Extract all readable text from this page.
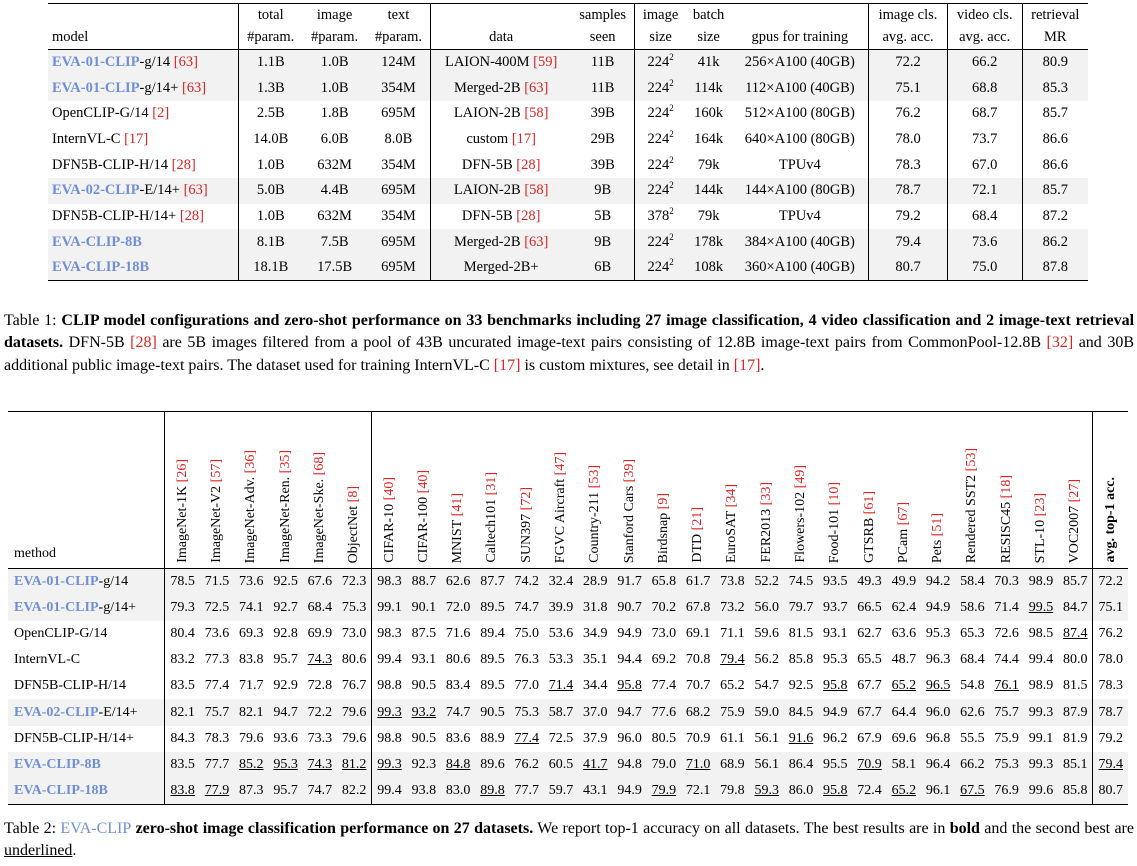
	total	image	text		samples	image	batch		image cls.	video cls.	retrieval
model	#param.	#param.	#param.	data	seen	size	size	gpus for training	avg. acc.	avg. acc.	MR
EVA-01-CLIP-g/14 [63]	1.1B	1.0B	124M	LAION-400M [59]	11B	$224^2$	41k	256×A100 (40GB)	72.2	66.2	80.9
EVA-01-CLIP-g/14+ [63]	1.3B	1.0B	354M	Merged-2B [63]	11B	$224^2$	114k	112×A100 (40GB)	75.1	68.8	85.3
OpenCLIP-G/14 [2]	2.5B	1.8B	695M	LAION-2B [58]	39B	$224^2$	160k	512×A100 (80GB)	76.2	68.7	85.7
InternVL-C [17]	14.0B	6.0B	8.0B	custom [17]	29B	$224^2$	164k	640×A100 (80GB)	78.0	73.7	86.6
DFN5B-CLIP-H/14 [28]	1.0B	632M	354M	DFN-5B [28]	39B	$224^2$	79k	TPUv4	78.3	67.0	86.6
EVA-02-CLIP-E/14+ [63]	5.0B	4.4B	695M	LAION-2B [58]	9B	$224^2$	144k	144×A100 (80GB)	78.7	72.1	85.7
DFN5B-CLIP-H/14+ [28]	1.0B	632M	354M	DFN-5B [28]	5B	$378^2$	79k	TPUv4	79.2	68.4	87.2
EVA-CLIP-8B	8.1B	7.5B	695M	Merged-2B [63]	9B	$224^2$	178k	384×A100 (40GB)	79.4	73.6	86.2
EVA-CLIP-18B	18.1B	17.5B	695M	Merged-2B+	6B	$224^2$	108k	360×A100 (40GB)	80.7	75.0	87.8
Table 1: CLIP model configurations and zero-shot performance on 33 benchmarks including 27 image classification, 4 video classification and 2 image-text retrieval datasets. DFN-5B [28] are 5B images filtered from a pool of 43B uncurated image-text pairs consisting of 12.8B image-text pairs from CommonPool-12.8B [32] and 30B additional public image-text pairs. The dataset used for training InternVL-C [17] is custom mixtures, see detail in [17].
method	ImageNet-1K [26]	ImageNet-V2 [57]	ImageNet-Adv. [36]	ImageNet-Ren. [35]	ImageNet-Ske. [68]	ObjectNet [8]	CIFAR-10 [40]	CIFAR-100 [40]	MNIST [41]	Caltech101 [31]	SUN397 [72]	FGVC Aircraft [47]	Country-211 [53]	Stanford Cars [39]	Birdsnap [9]	DTD [21]	EuroSAT [34]	FER2013 [33]	Flowers-102 [49]	Food-101 [10]	GTSRB [61]	PCam [67]	Pets [51]	Rendered SST2 [53]	RESISC45 [18]	STL-10 [23]	VOC2007 [27]	avg. top-1 acc.
EVA-01-CLIP-g/14	78.5	71.5	73.6	92.5	67.6	72.3	98.3	88.7	62.6	87.7	74.2	32.4	28.9	91.7	65.8	61.7	73.8	52.2	74.5	93.5	49.3	49.9	94.2	58.4	70.3	98.9	85.7	72.2
EVA-01-CLIP-g/14+	79.3	72.5	74.1	92.7	68.4	75.3	99.1	90.1	72.0	89.5	74.7	39.9	31.8	90.7	70.2	67.8	73.2	56.0	79.7	93.7	66.5	62.4	94.9	58.6	71.4	99.5	84.7	75.1
OpenCLIP-G/14	80.4	73.6	69.3	92.8	69.9	73.0	98.3	87.5	71.6	89.4	75.0	53.6	34.9	94.9	73.0	69.1	71.1	59.6	81.5	93.1	62.7	63.6	95.3	65.3	72.6	98.5	87.4	76.2
InternVL-C	83.2	77.3	83.8	95.7	74.3	80.6	99.4	93.1	80.6	89.5	76.3	53.3	35.1	94.4	69.2	70.8	79.4	56.2	85.8	95.3	65.5	48.7	96.3	68.4	74.4	99.4	80.0	78.0
DFN5B-CLIP-H/14	83.5	77.4	71.7	92.9	72.8	76.7	98.8	90.5	83.4	89.5	77.0	71.4	34.4	95.8	77.4	70.7	65.2	54.7	92.5	95.8	67.7	65.2	96.5	54.8	76.1	98.9	81.5	78.3
EVA-02-CLIP-E/14+	82.1	75.7	82.1	94.7	72.2	79.6	99.3	93.2	74.7	90.5	75.3	58.7	37.0	94.7	77.6	68.2	75.9	59.0	84.5	94.9	67.7	64.4	96.0	62.6	75.7	99.3	87.9	78.7
DFN5B-CLIP-H/14+	84.3	78.3	79.6	93.6	73.3	79.6	98.8	90.5	83.6	88.9	77.4	72.5	37.9	96.0	80.5	70.9	61.1	56.1	91.6	96.2	67.9	69.6	96.8	55.5	75.9	99.1	81.9	79.2
EVA-CLIP-8B	83.5	77.7	85.2	95.3	74.3	81.2	99.3	92.3	84.8	89.6	76.2	60.5	41.7	94.8	79.0	71.0	68.9	56.1	86.4	95.5	70.9	58.1	96.4	66.2	75.3	99.3	85.1	79.4
EVA-CLIP-18B	83.8	77.9	87.3	95.7	74.7	82.2	99.4	93.8	83.0	89.8	77.7	59.7	43.1	94.9	79.9	72.1	79.8	59.3	86.0	95.8	72.4	65.2	96.1	67.5	76.9	99.6	85.8	80.7
Table 2: EVA-CLIP zero-shot image classification performance on 27 datasets. We report top-1 accuracy on all datasets. The best results are in bold and the second best are underlined.
